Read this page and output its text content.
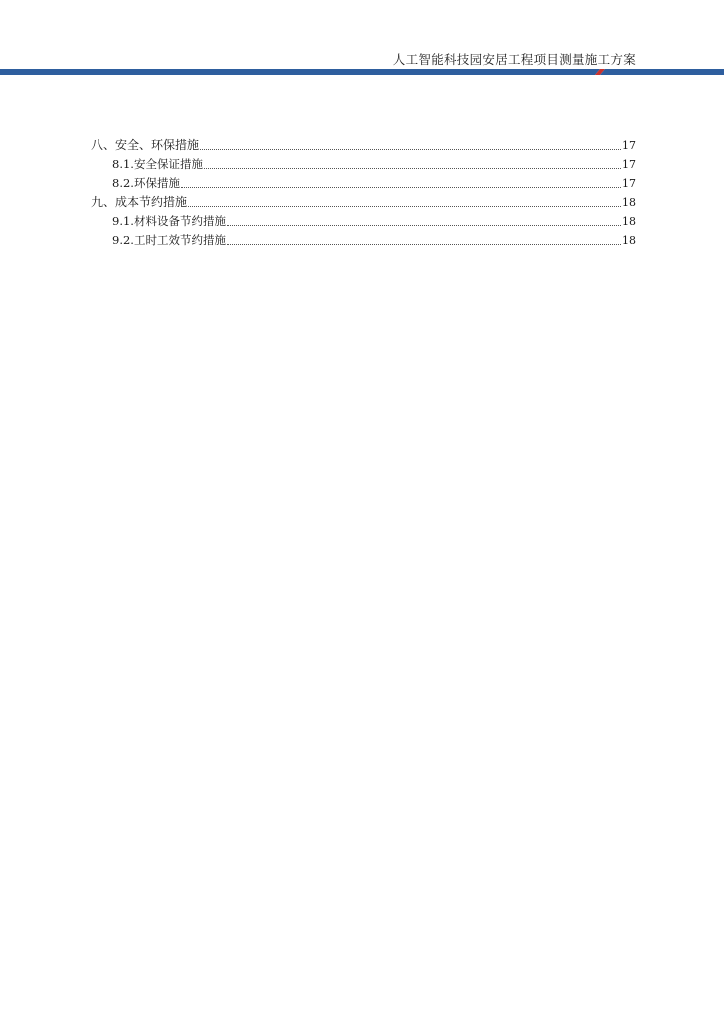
人工智能科技园安居工程项目测量施工方案
八、安全、环保措施	17
8.1.安全保证措施	17
8.2.环保措施	17
九、成本节约措施	18
9.1.材料设备节约措施	18
9.2.工时工效节约措施	18
